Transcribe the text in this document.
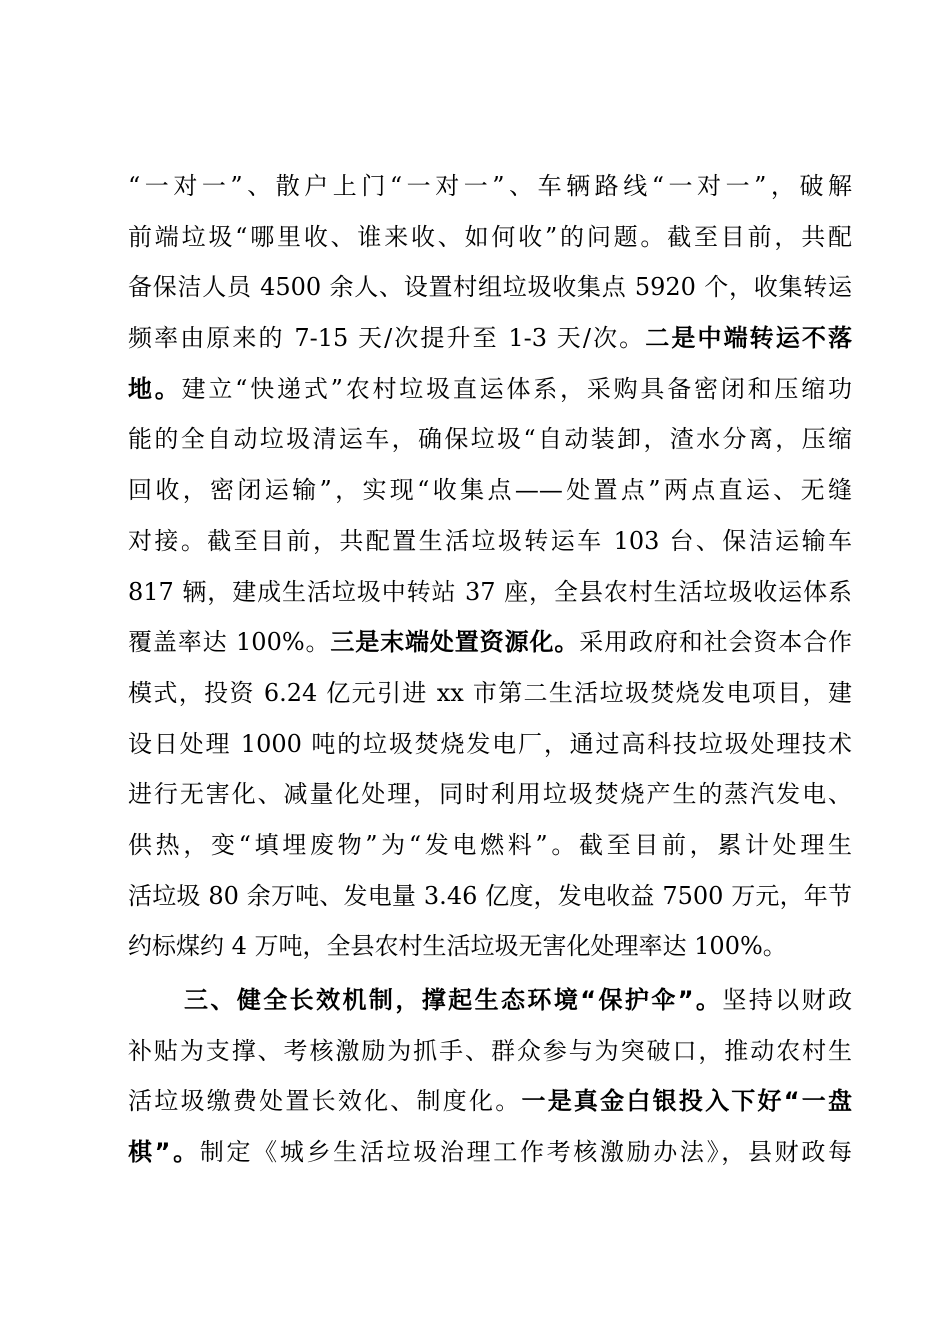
“一对一”、散户上门“一对一”、车辆路线“一对一”，破解
前端垃圾“哪里收、谁来收、如何收”的问题。截至目前，共配
备保洁人员 4500 余人、设置村组垃圾收集点 5920 个，收集转运
频率由原来的 7-15 天/次提升至 1-3 天/次。二是中端转运不落
地。建立“快递式”农村垃圾直运体系，采购具备密闭和压缩功
能的全自动垃圾清运车，确保垃圾“自动装卸，渣水分离，压缩
回收，密闭运输”，实现“收集点——处置点”两点直运、无缝
对接。截至目前，共配置生活垃圾转运车 103 台、保洁运输车
817 辆，建成生活垃圾中转站 37 座，全县农村生活垃圾收运体系
覆盖率达 100%。三是末端处置资源化。采用政府和社会资本合作
模式，投资 6.24 亿元引进 xx 市第二生活垃圾焚烧发电项目，建
设日处理 1000 吨的垃圾焚烧发电厂，通过高科技垃圾处理技术
进行无害化、减量化处理，同时利用垃圾焚烧产生的蒸汽发电、
供热，变“填埋废物”为“发电燃料”。截至目前，累计处理生
活垃圾 80 余万吨、发电量 3.46 亿度，发电收益 7500 万元，年节
约标煤约 4 万吨，全县农村生活垃圾无害化处理率达 100%。
三、健全长效机制，撑起生态环境“保护伞”。坚持以财政
补贴为支撑、考核激励为抓手、群众参与为突破口，推动农村生
活垃圾缴费处置长效化、制度化。一是真金白银投入下好“一盘
棋”。制定《城乡生活垃圾治理工作考核激励办法》，县财政每
